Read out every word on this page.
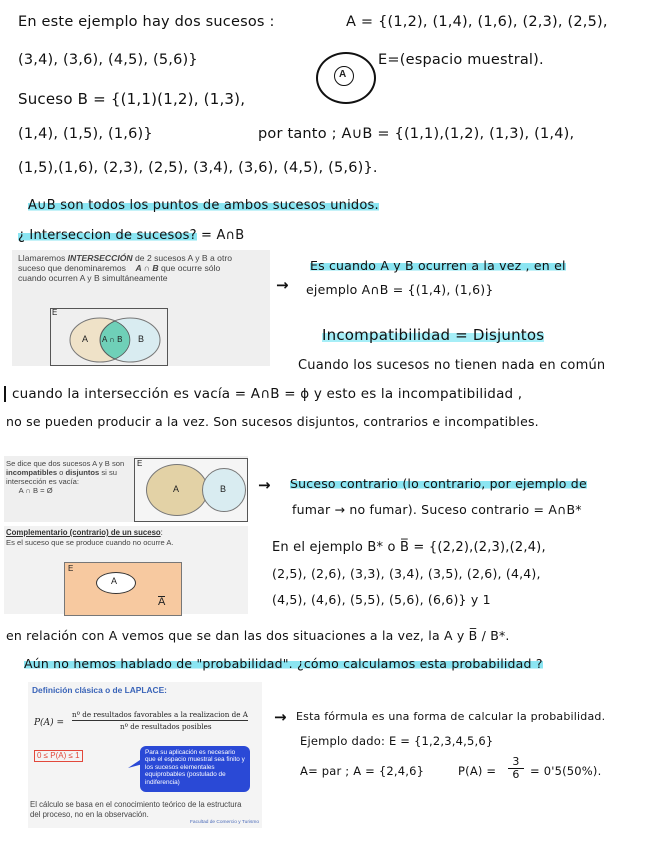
En este ejemplo hay dos sucesos :	A = {(1,2), (1,4), (1,6), (2,3), (2,5),
(3,4), (3,6), (4,5), (5,6)}
A
E=(espacio muestral).
Suceso B = {(1,1)(1,2), (1,3),
(1,4), (1,5), (1,6)}	por tanto ; A∪B = {(1,1),(1,2), (1,3), (1,4),
(1,5),(1,6), (2,3), (2,5), (3,4), (3,6), (4,5), (5,6)}.
A∪B son todos los puntos de ambos sucesos unidos.
¿ Interseccion de sucesos? = A∩B
Llamaremos INTERSECCIÓN de 2 sucesos A y B a otro
suceso que denominaremos A ∩ B que ocurre sólo
cuando ocurren A y B simultáneamente
E
A A ∩ B B
→
Es cuando A y B ocurren a la vez , en el
ejemplo A∩B = {(1,4), (1,6)}
Incompatibilidad = Disjuntos
Cuando los sucesos no tienen nada en común
cuando la intersección es vacía = A∩B = ϕ y esto es la incompatibilidad ,
no se pueden producir a la vez. Son sucesos disjuntos, contrarios e incompatibles.
Se dice que dos sucesos A y B son
incompatibles o disjuntos si su
intersección es vacía:
A ∩ B = Ø
E
A	B
Complementario (contrario) de un suceso:
Es el suceso que se produce cuando no ocurre A.
E
A
A
→ Suceso contrario (lo contrario, por ejemplo de
fumar → no fumar). Suceso contrario = A∩B*
En el ejemplo B* o B̅ = {(2,2),(2,3),(2,4),
(2,5), (2,6), (3,3), (3,4), (3,5), (2,6), (4,4),
(4,5), (4,6), (5,5), (5,6), (6,6)} y 1
en relación con A vemos que se dan las dos situaciones a la vez, la A y B̅ / B*.
Aún no hemos hablado de "probabilidad". ¿cómo calculamos esta probabilidad ?
Definición clásica o de LAPLACE:
P(A) =
nº de resultados favorables a la realizacion de A
nº de resultados posibles
0 ≤ P(A) ≤ 1	Para su aplicación es necesario que el espacio muestral sea finito y los sucesos elementales equiprobables (postulado de indiferencia)
El cálculo se basa en el conocimiento teórico de la estructura
del proceso, no en la observación.
Facultad de Comercio y Turismo
→ Esta fórmula es una forma de calcular la probabilidad.
Ejemplo dado: E = {1,2,3,4,5,6}
A= par ; A = {2,4,6}	$P(A) = \frac{3}{6} = 0'5(50\%)$.
